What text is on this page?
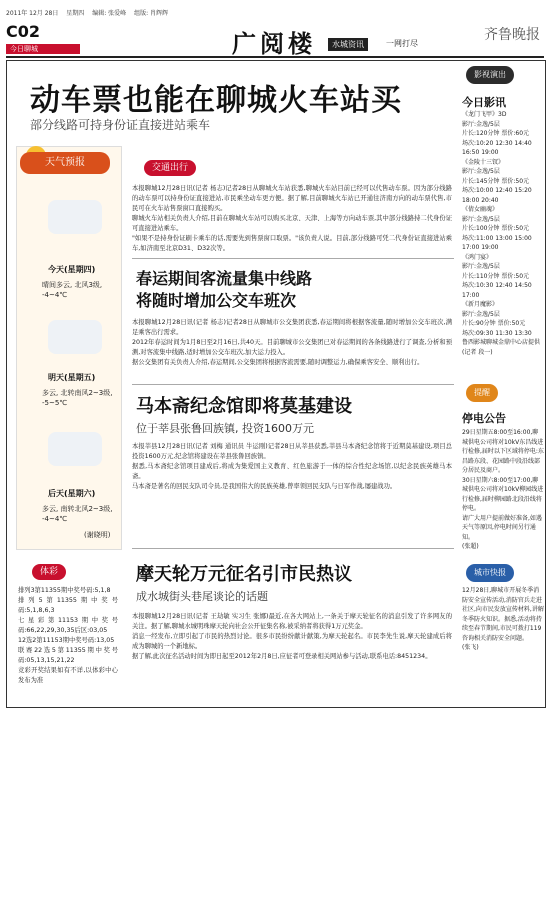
2011年 12月 28日 星期四 编辑: 张爱峰 组版: 肖辉辉
C02
今日聊城	广阅楼	水城资讯	一网打尽
齐鲁晚报
动车票也能在聊城火车站买
部分线路可持身份证直接进站乘车
天气预报
今天(星期四)
晴间多云, 北风3级, -4~4℃
明天(星期五)
多云, 北转南风2~3级, -5~5℃
后天(星期六)
多云, 南转北风2~3级, -4~4℃
(谢晓明)
体彩
排列3第11355期中奖号码:5,1,8
排列5第11355期中奖号码:5,1,8,6,3
七星彩第11153期中奖号码:66,22,29,30,35后区:03,05
12选2第11153期中奖号码:13,05
联赛22选5第11355期中奖号码:05,13,15,21,22
竞彩开奖结果如有不详,以体彩中心发布为准
交通出行
本报聊城12月28日讯(记者 杨志)记者28日从聊城火车站获悉,聊城火车站目前已经可以代售动车票。因为部分线路的动车票可以持身份证直接进站,市民乘坐动车更方便。据了解,目前聊城火车站已开通往济南方向的动车票代售,市民可在火车站售票窗口直接购买。
聊城火车站相关负责人介绍,目前在聊城火车站可以购买北京、天津、上海等方向动车票,其中部分线路持二代身份证可直接进站乘车。
"如果不是持身份证刷卡乘车的话,需要先到售票窗口取票。"该负责人说。目前,部分线路可凭二代身份证直接进站乘车,如济南至北京D31、D32次等。
春运期间客流量集中线路
将随时增加公交车班次
本报聊城12月28日讯(记者 杨志)记者28日从聊城市公交集团获悉,春运期间将根据客流量,随时增加公交车班次,满足乘客出行需求。
2012年春运时间为1月8日至2月16日,共40天。目前聊城市公交集团已对春运期间的各条线路进行了调查,分析和预测,对客流集中线路,适时增加公交车班次,加大运力投入。
据公交集团有关负责人介绍,春运期间,公交集团将根据客流需要,随时调整运力,确保乘客安全、顺利出行。
马本斋纪念馆即将莫基建设
位于莘县张鲁回族镇, 投资1600万元
本报莘县12月28日讯(记者 刘梅 通讯员 牛运刚)记者28日从莘县获悉,莘县马本斋纪念馆将于近期莫基建设,项目总投资1600万元,纪念馆将建设在莘县张鲁回族镇。
据悉,马本斋纪念馆项目建成后,将成为集爱国主义教育、红色旅游于一体的综合性纪念场馆,以纪念民族英雄马本斋。
马本斋是著名的回民支队司令员,是我国伟大的民族英雄,曾率领回民支队与日军作战,屡建战功。
摩天轮万元征名引市民热议
成水城街头巷尾谈论的话题
本报聊城12月28日讯(记者 王劫敏 实习生 张娜)最近,在各大网站上,一条关于摩天轮征名的消息引发了许多网友的关注。据了解,聊城水城明珠摩天轮向社会公开征集名称,被采纳者将获得1万元奖金。
消息一经发布,立即引起了市民的热烈讨论。很多市民纷纷献计献策,为摩天轮起名。市民李先生说,摩天轮建成后将成为聊城的一个新地标。
据了解,此次征名活动时间为即日起至2012年2月8日,应征者可登录相关网站参与活动,联系电话:8451234。
影视演出
今日影讯
《龙门飞甲》3D
影厅:金逸/5层
片长:120分钟 票价:60元
场次:10:20 12:30 14:40 16:50 19:00
《金陵十三钗》
影厅:金逸/5层
片长:145分钟 票价:50元
场次:10:00 12:40 15:20 18:00 20:40
《倩女幽魂》
影厅:金逸/5层
片长:100分钟 票价:50元
场次:11:00 13:00 15:00 17:00 19:00
《鸿门宴》
影厅:金逸/5层
片长:110分钟 票价:50元
场次:10:30 12:40 14:50 17:00
《新月魔影》
影厅:金逸/5层
片长:90分钟 票价:50元
场次:09:30 11:30 13:30
鲁西影城聊城金鼎中心店提供
(记者 段一)
提醒
停电公告
29日星期五8:00至16:00,聊城供电公司将对10kV东昌线进行检修,届时以下区域将停电:东昌路东段、花园路中段沿线部分居民及商户。
30日星期六8:00至17:00,聊城供电公司将对10kV柳园线进行检修,届时柳园路北段沿线将停电。
请广大用户提前做好准备,如遇天气等原因,停电时间另行通知。
(张超)
城市快报
12月28日,聊城市开展冬季消防安全宣传活动,消防官兵走进社区,向市民发放宣传材料,讲解冬季防火知识。据悉,活动将持续至春节期间,市民可拨打119咨询相关消防安全问题。
(张飞)
